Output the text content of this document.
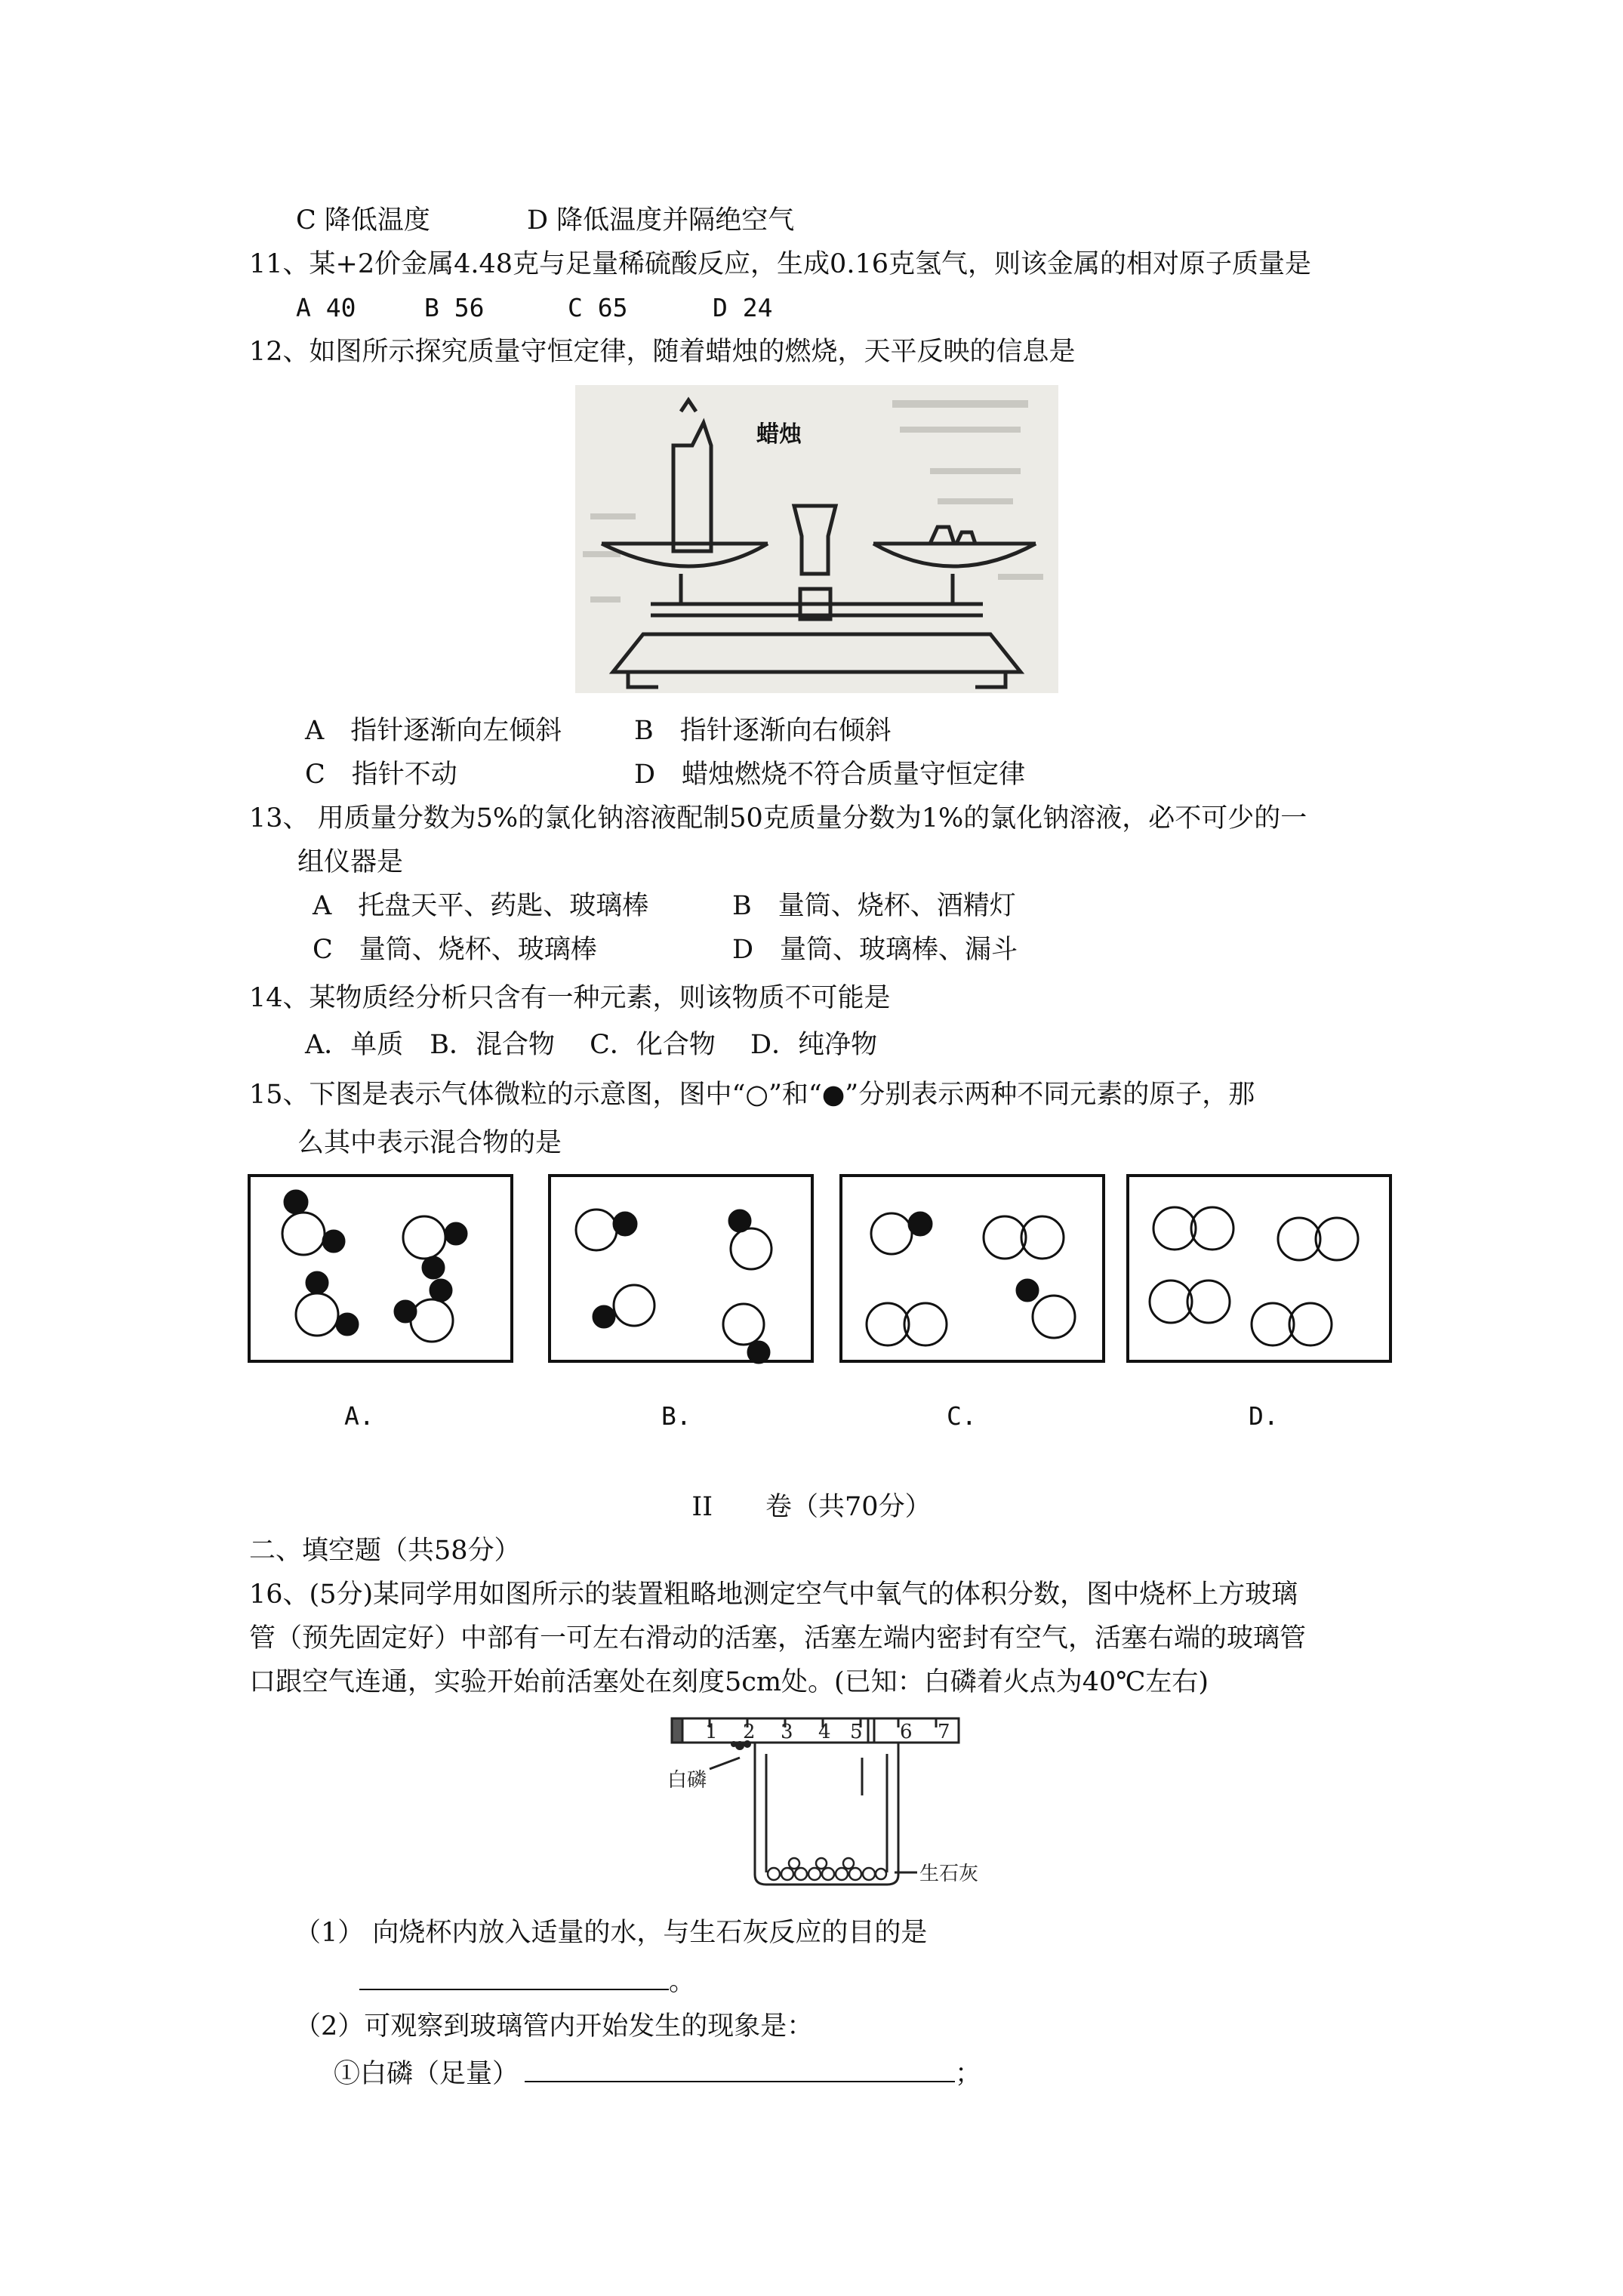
C 降低温度	D 降低温度并隔绝空气
11、某+2价金属4.48克与足量稀硫酸反应，生成0.16克氢气，则该金属的相对原子质量是
A 40	B 56	C 65	D 24
12、如图所示探究质量守恒定律，随着蜡烛的燃烧，天平反映的信息是
蜡烛
A　指针逐渐向左倾斜	B　指针逐渐向右倾斜
C　指针不动	D　蜡烛燃烧不符合质量守恒定律
13、 用质量分数为5%的氯化钠溶液配制50克质量分数为1%的氯化钠溶液，必不可少的一
组仪器是
A　托盘天平、药匙、玻璃棒	B　量筒、烧杯、酒精灯
C　量筒、烧杯、玻璃棒	D　量筒、玻璃棒、漏斗
14、某物质经分析只含有一种元素，则该物质不可能是
A．单质　B．混合物　 C．化合物　 D．纯净物
15、下图是表示气体微粒的示意图，图中“○”和“●”分别表示两种不同元素的原子，那
么其中表示混合物的是
A.	B.	C.	D.
II　　卷（共70分）
二、填空题（共58分）
16、(5分)某同学用如图所示的装置粗略地测定空气中氧气的体积分数，图中烧杯上方玻璃
管（预先固定好）中部有一可左右滑动的活塞，活塞左端内密封有空气，活塞右端的玻璃管
口跟空气连通，实验开始前活塞处在刻度5cm处。(已知：白磷着火点为40℃左右)
1 2 3 4 5 6 7
白磷
生石灰
（1） 向烧杯内放入适量的水，与生石灰反应的目的是
。
（2）可观察到玻璃管内开始发生的现象是：
①白磷（足量）	；
